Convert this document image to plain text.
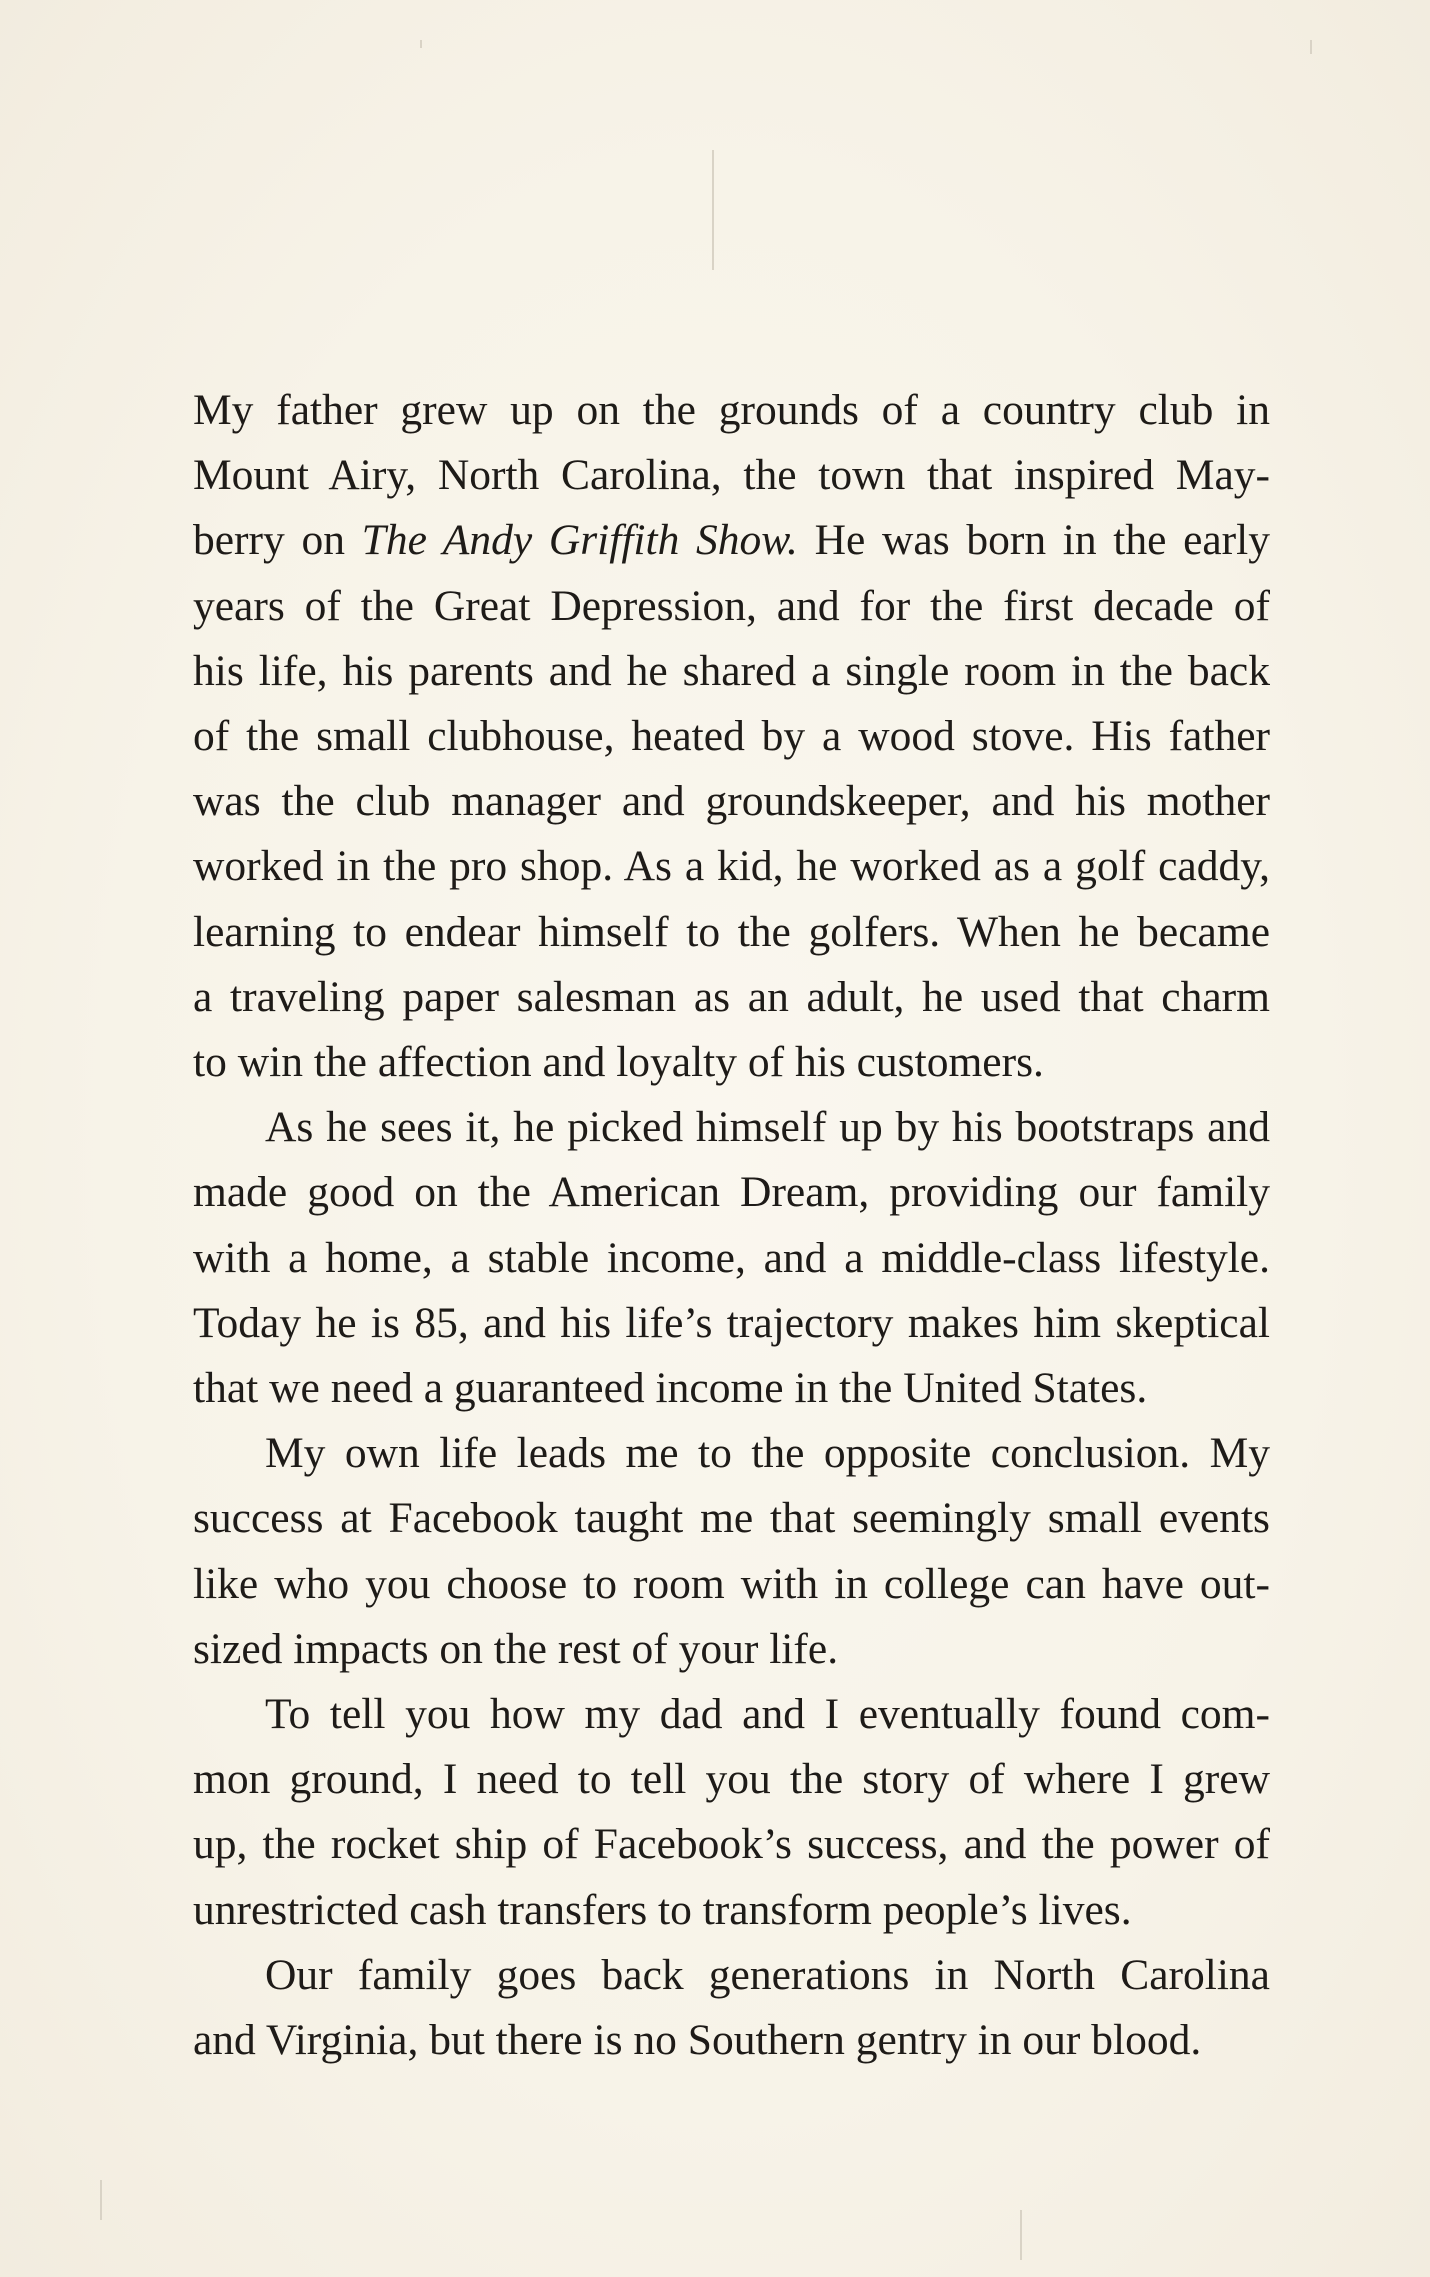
My father grew up on the grounds of a country club in
Mount Airy, North Carolina, the town that inspired May-
berry on The Andy Griffith Show. He was born in the early
years of the Great Depression, and for the first decade of
his life, his parents and he shared a single room in the back
of the small clubhouse, heated by a wood stove. His father
was the club manager and groundskeeper, and his mother
worked in the pro shop. As a kid, he worked as a golf caddy,
learning to endear himself to the golfers. When he became
a traveling paper salesman as an adult, he used that charm
to win the affection and loyalty of his customers.
As he sees it, he picked himself up by his bootstraps and
made good on the American Dream, providing our family
with a home, a stable income, and a middle-class lifestyle.
Today he is 85, and his life’s trajectory makes him skeptical
that we need a guaranteed income in the United States.
My own life leads me to the opposite conclusion. My
success at Facebook taught me that seemingly small events
like who you choose to room with in college can have out-
sized impacts on the rest of your life.
To tell you how my dad and I eventually found com-
mon ground, I need to tell you the story of where I grew
up, the rocket ship of Facebook’s success, and the power of
unrestricted cash transfers to transform people’s lives.
Our family goes back generations in North Carolina
and Virginia, but there is no Southern gentry in our blood.
